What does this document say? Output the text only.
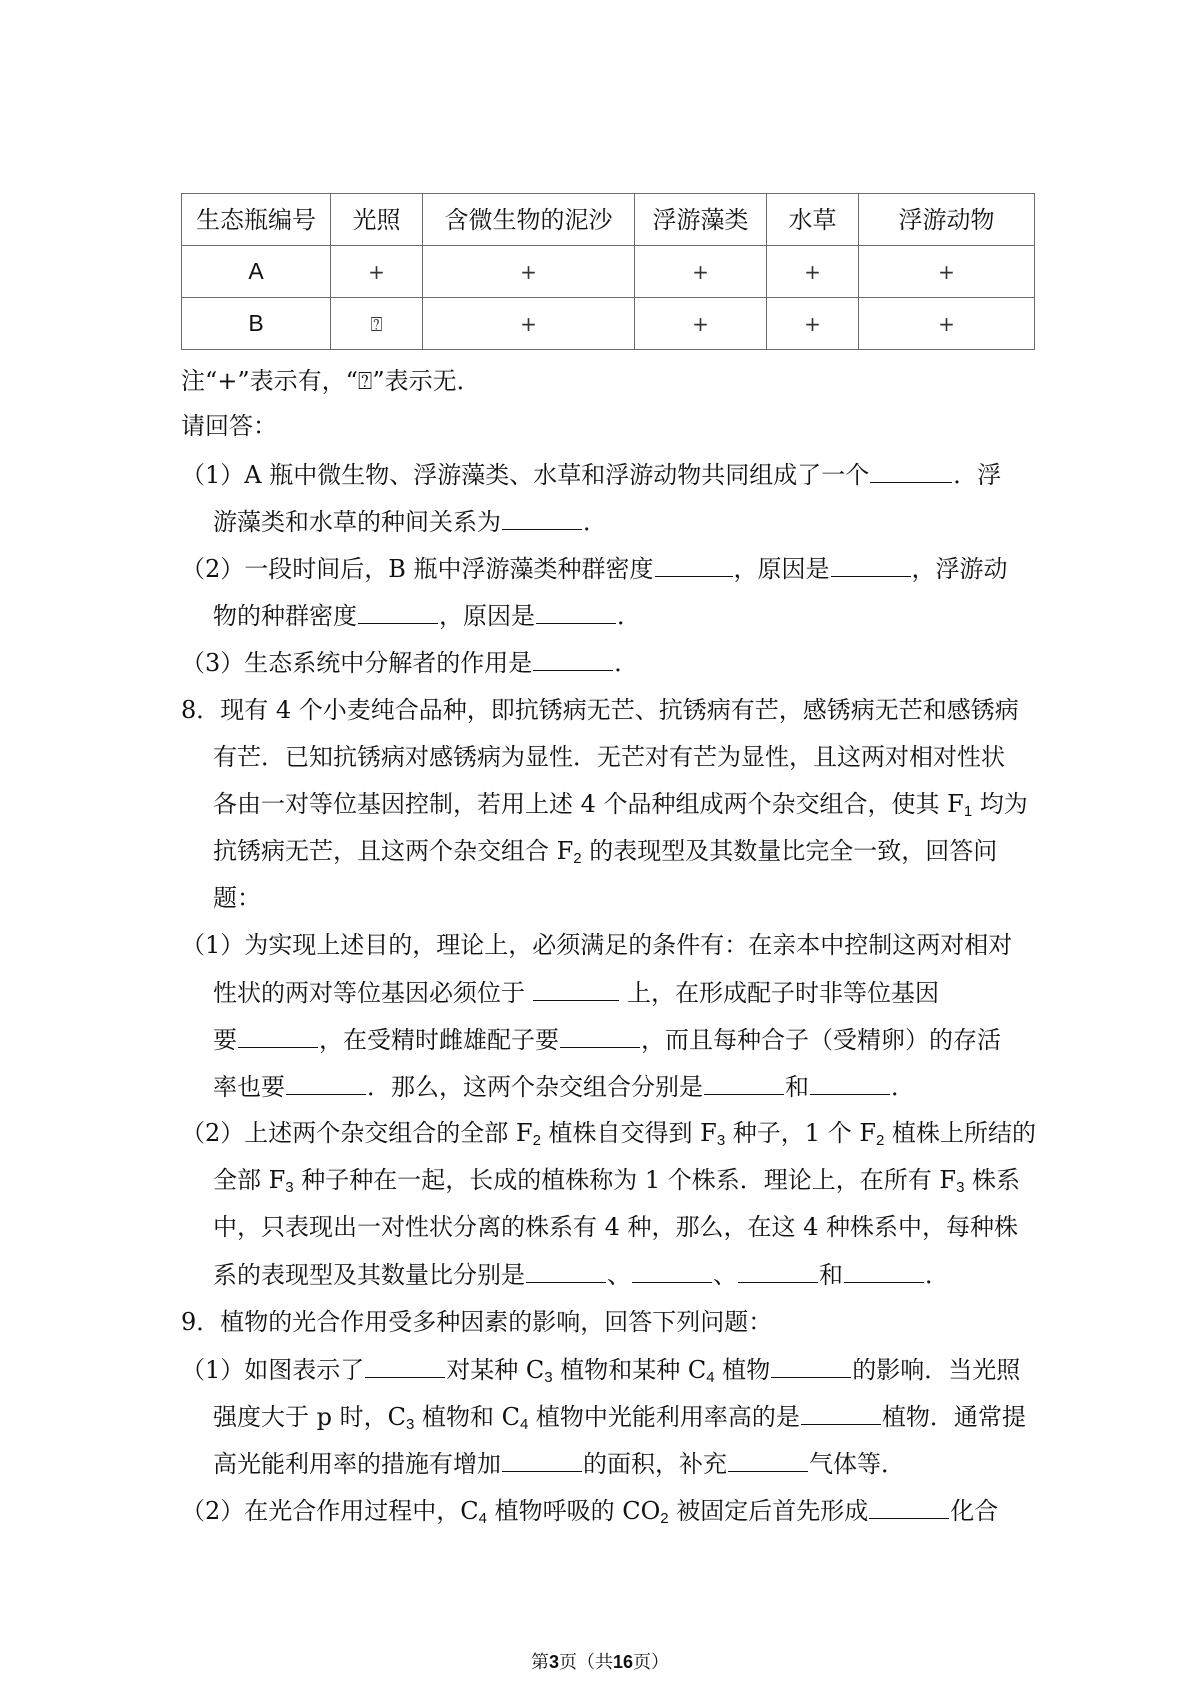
生态瓶编号	光照	含微生物的泥沙	浮游藻类	水草	浮游动物
A	+	+	+	+	+
B	⍰	+	+	+	+
注“+”表示有，“⍰”表示无．
请回答：
（1）A 瓶中微生物、浮游藻类、水草和浮游动物共同组成了一个	．浮
游藻类和水草的种间关系为	．
（2）一段时间后，B 瓶中浮游藻类种群密度	，原因是	，浮游动
物的种群密度	，原因是	．
（3）生态系统中分解者的作用是	．
8．现有 4 个小麦纯合品种，即抗锈病无芒、抗锈病有芒，感锈病无芒和感锈病
有芒．已知抗锈病对感锈病为显性．无芒对有芒为显性，且这两对相对性状
各由一对等位基因控制，若用上述 4 个品种组成两个杂交组合，使其 $F_1$ 均为
抗锈病无芒，且这两个杂交组合 $F_2$ 的表现型及其数量比完全一致，回答问
题：
（1）为实现上述目的，理论上，必须满足的条件有：在亲本中控制这两对相对
性状的两对等位基因必须位于	上，在形成配子时非等位基因
要	，在受精时雌雄配子要	，而且每种合子（受精卵）的存活
率也要	．那么，这两个杂交组合分别是	和	．
（2）上述两个杂交组合的全部 $F_2$ 植株自交得到 $F_3$ 种子，1 个 $F_2$ 植株上所结的
全部 $F_3$ 种子种在一起，长成的植株称为 1 个株系．理论上，在所有 $F_3$ 株系
中，只表现出一对性状分离的株系有 4 种，那么，在这 4 种株系中，每种株
系的表现型及其数量比分别是	、	、	和	．
9．植物的光合作用受多种因素的影响，回答下列问题：
（1）如图表示了	对某种 $C_3$ 植物和某种 $C_4$ 植物	的影响．当光照
强度大于 p 时，$C_3$ 植物和 $C_4$ 植物中光能利用率高的是	植物．通常提
高光能利用率的措施有增加	的面积，补充	气体等．
（2）在光合作用过程中，$C_4$ 植物呼吸的 $CO_2$ 被固定后首先形成	化合
第3页（共16页）
